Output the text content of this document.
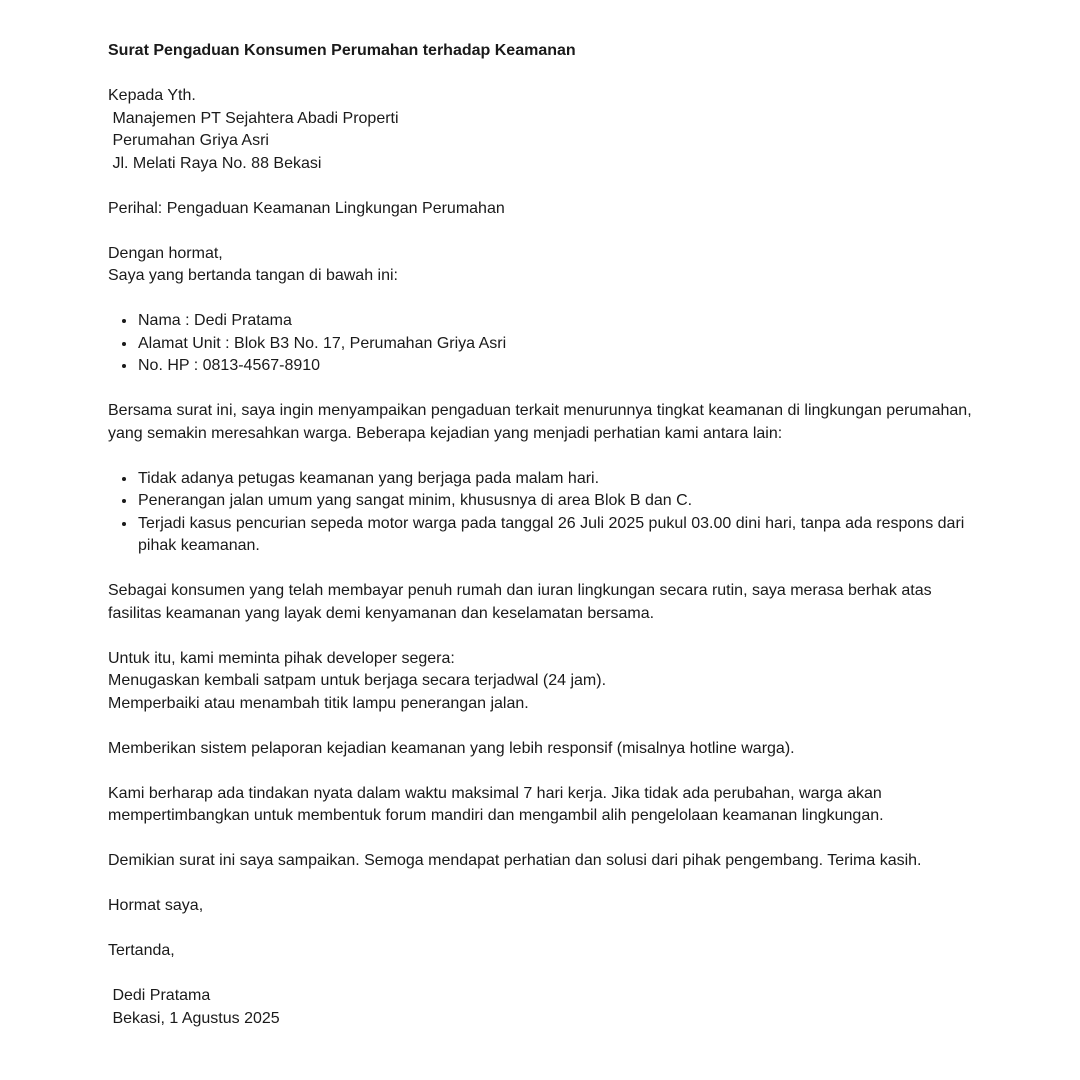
Surat Pengaduan Konsumen Perumahan terhadap Keamanan

Kepada Yth.
Manajemen PT Sejahtera Abadi Properti
Perumahan Griya Asri
Jl. Melati Raya No. 88 Bekasi

Perihal: Pengaduan Keamanan Lingkungan Perumahan

Dengan hormat,
Saya yang bertanda tangan di bawah ini:
• Nama : Dedi Pratama
• Alamat Unit : Blok B3 No. 17, Perumahan Griya Asri
• No. HP : 0813-4567-8910

Bersama surat ini, saya ingin menyampaikan pengaduan terkait menurunnya tingkat keamanan di lingkungan perumahan, yang semakin meresahkan warga. Beberapa kejadian yang menjadi perhatian kami antara lain:

• Tidak adanya petugas keamanan yang berjaga pada malam hari.
• Penerangan jalan umum yang sangat minim, khususnya di area Blok B dan C.
• Terjadi kasus pencurian sepeda motor warga pada tanggal 26 Juli 2025 pukul 03.00 dini hari, tanpa ada respons dari pihak keamanan.

Sebagai konsumen yang telah membayar penuh rumah dan iuran lingkungan secara rutin, saya merasa berhak atas fasilitas keamanan yang layak demi kenyamanan dan keselamatan bersama.

Untuk itu, kami meminta pihak developer segera:
Menugaskan kembali satpam untuk berjaga secara terjadwal (24 jam).
Memperbaiki atau menambah titik lampu penerangan jalan.

Memberikan sistem pelaporan kejadian keamanan yang lebih responsif (misalnya hotline warga).

Kami berharap ada tindakan nyata dalam waktu maksimal 7 hari kerja. Jika tidak ada perubahan, warga akan mempertimbangkan untuk membentuk forum mandiri dan mengambil alih pengelolaan keamanan lingkungan.

Demikian surat ini saya sampaikan. Semoga mendapat perhatian dan solusi dari pihak pengembang. Terima kasih.

Hormat saya,

Tertanda,

Dedi Pratama
Bekasi, 1 Agustus 2025
